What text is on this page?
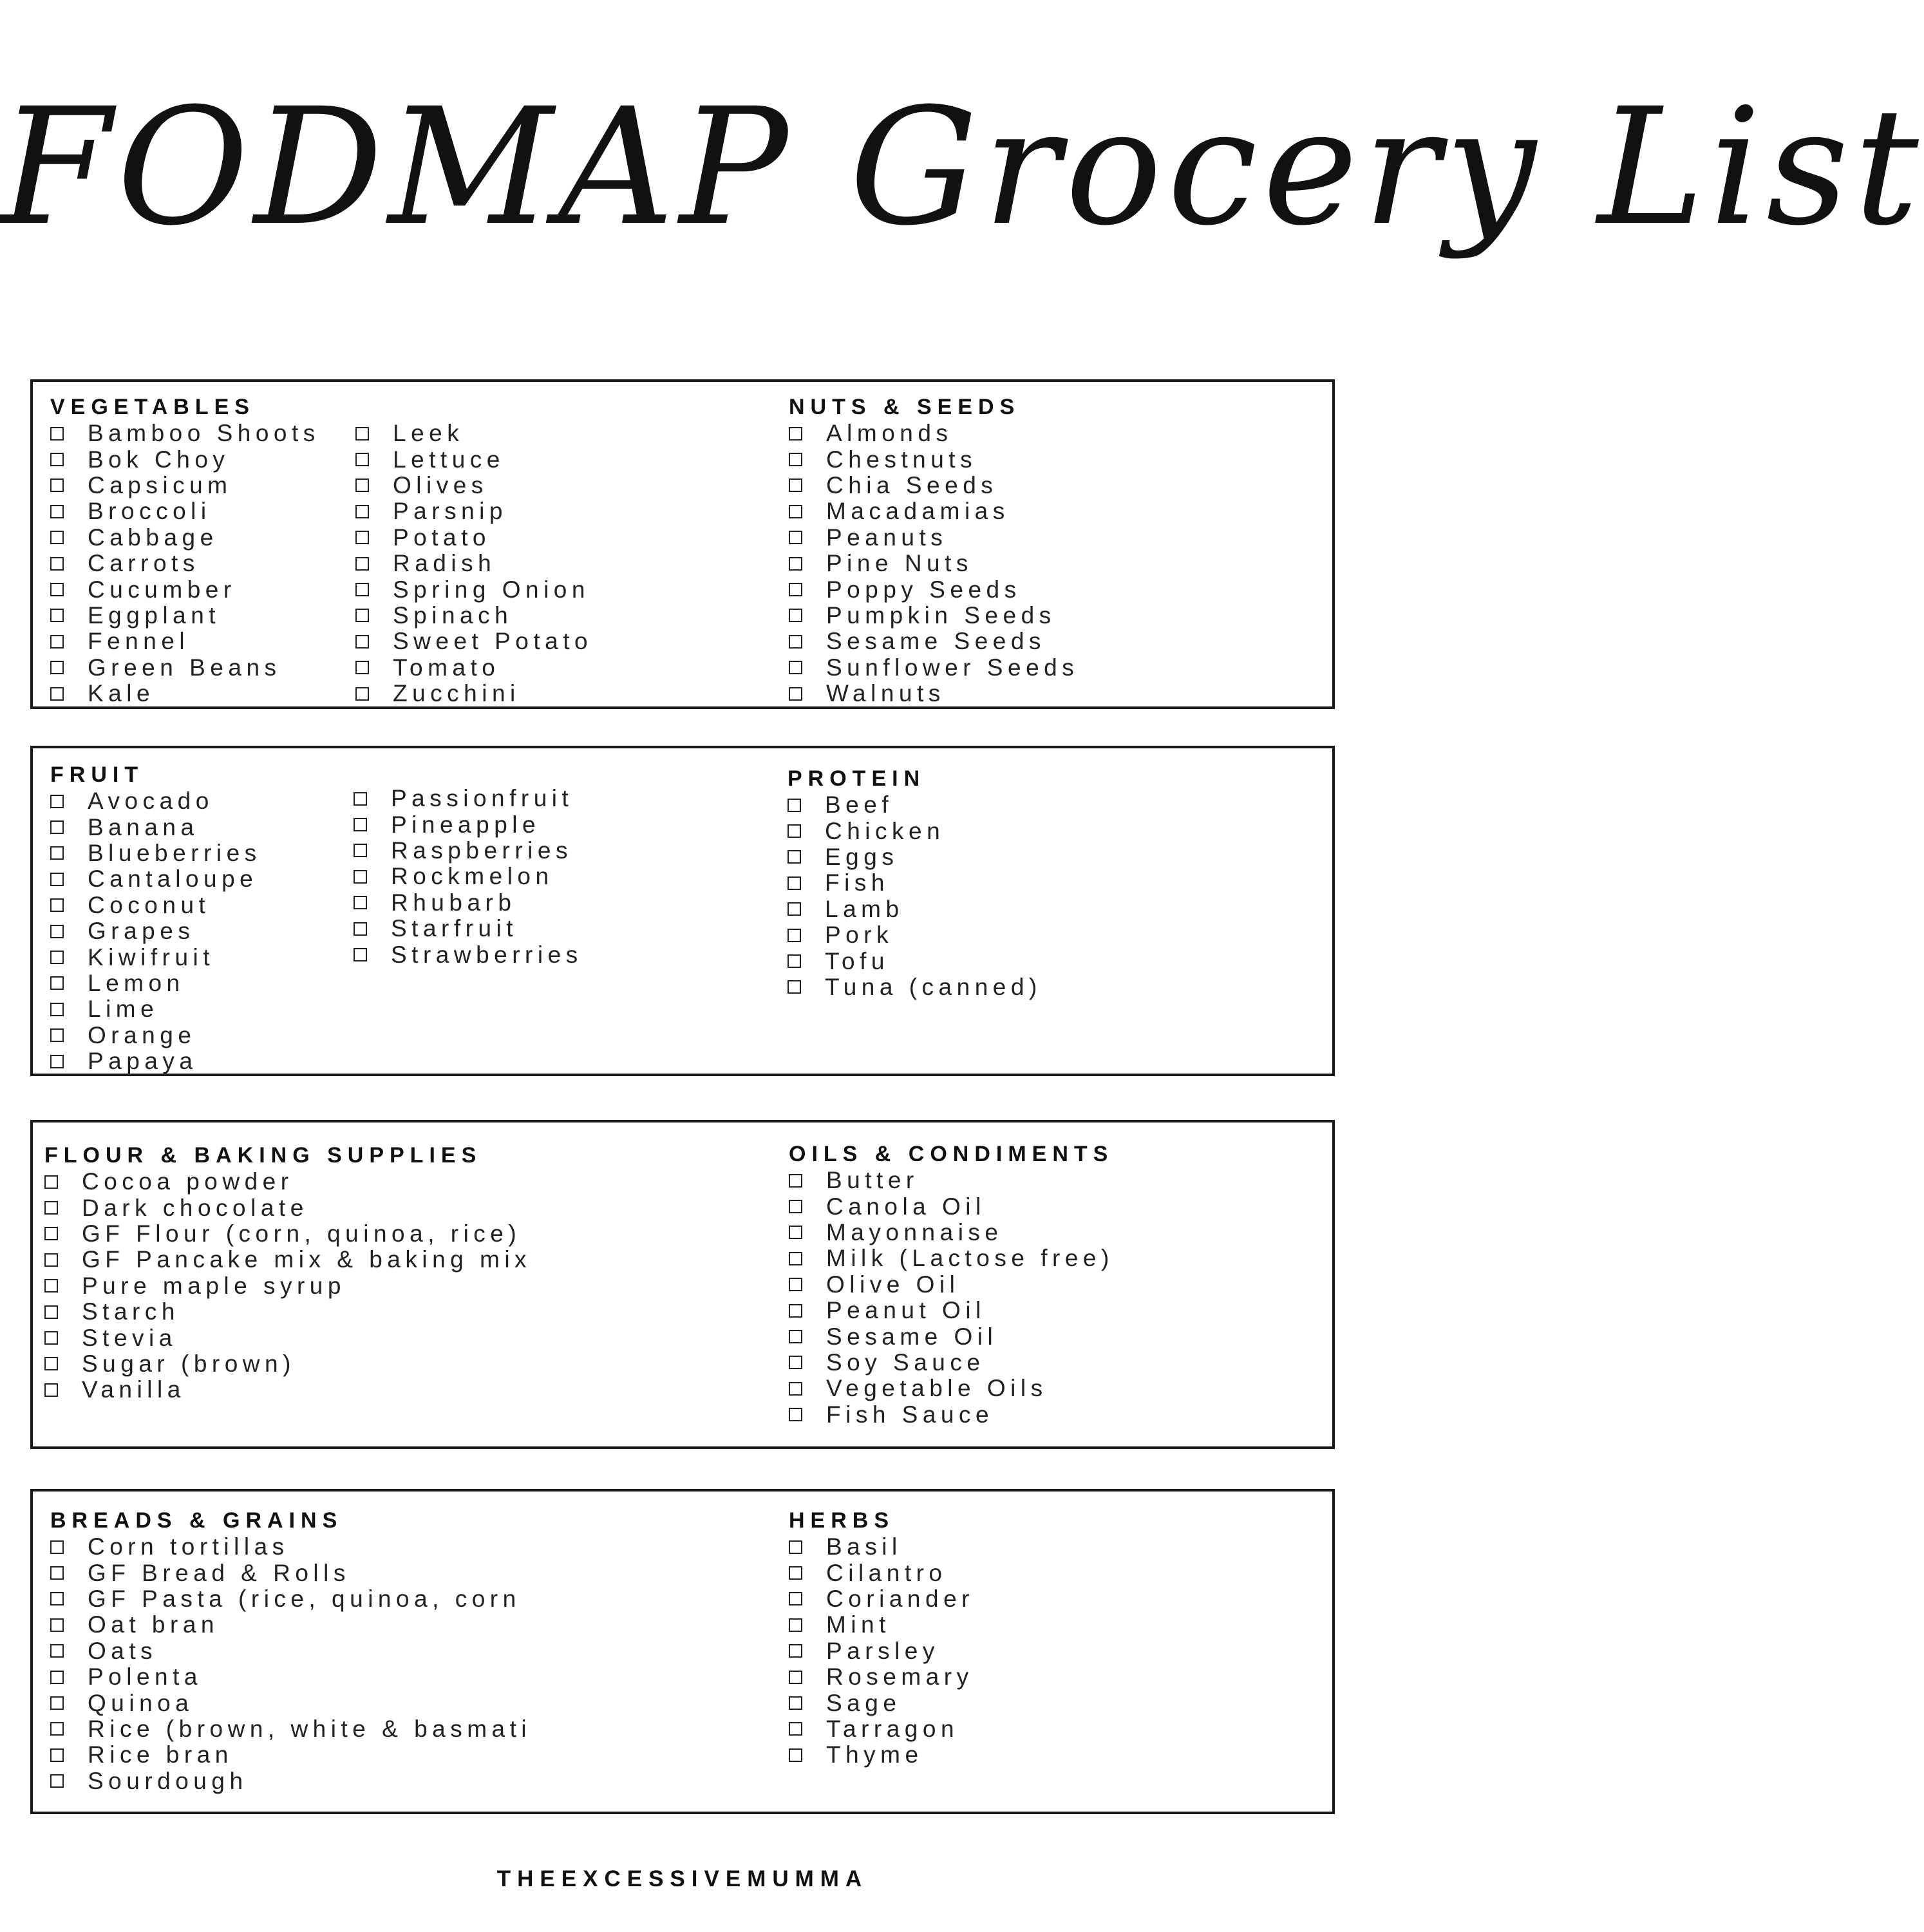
FODMAP Grocery List
VEGETABLES
Bamboo Shoots
Bok Choy
Capsicum
Broccoli
Cabbage
Carrots
Cucumber
Eggplant
Fennel
Green Beans
Kale
Leek
Lettuce
Olives
Parsnip
Potato
Radish
Spring Onion
Spinach
Sweet Potato
Tomato
Zucchini
NUTS & SEEDS
Almonds
Chestnuts
Chia Seeds
Macadamias
Peanuts
Pine Nuts
Poppy Seeds
Pumpkin Seeds
Sesame Seeds
Sunflower Seeds
Walnuts
FRUIT
Avocado
Banana
Blueberries
Cantaloupe
Coconut
Grapes
Kiwifruit
Lemon
Lime
Orange
Papaya
Passionfruit
Pineapple
Raspberries
Rockmelon
Rhubarb
Starfruit
Strawberries
PROTEIN
Beef
Chicken
Eggs
Fish
Lamb
Pork
Tofu
Tuna (canned)
FLOUR & BAKING SUPPLIES
Cocoa powder
Dark chocolate
GF Flour (corn, quinoa, rice)
GF Pancake mix & baking mix
Pure maple syrup
Starch
Stevia
Sugar (brown)
Vanilla
OILS & CONDIMENTS
Butter
Canola Oil
Mayonnaise
Milk (Lactose free)
Olive Oil
Peanut Oil
Sesame Oil
Soy Sauce
Vegetable Oils
Fish Sauce
BREADS & GRAINS
Corn tortillas
GF Bread & Rolls
GF Pasta (rice, quinoa, corn
Oat bran
Oats
Polenta
Quinoa
Rice (brown, white & basmati
Rice bran
Sourdough
HERBS
Basil
Cilantro
Coriander
Mint
Parsley
Rosemary
Sage
Tarragon
Thyme
THEEXCESSIVEMUMMA
